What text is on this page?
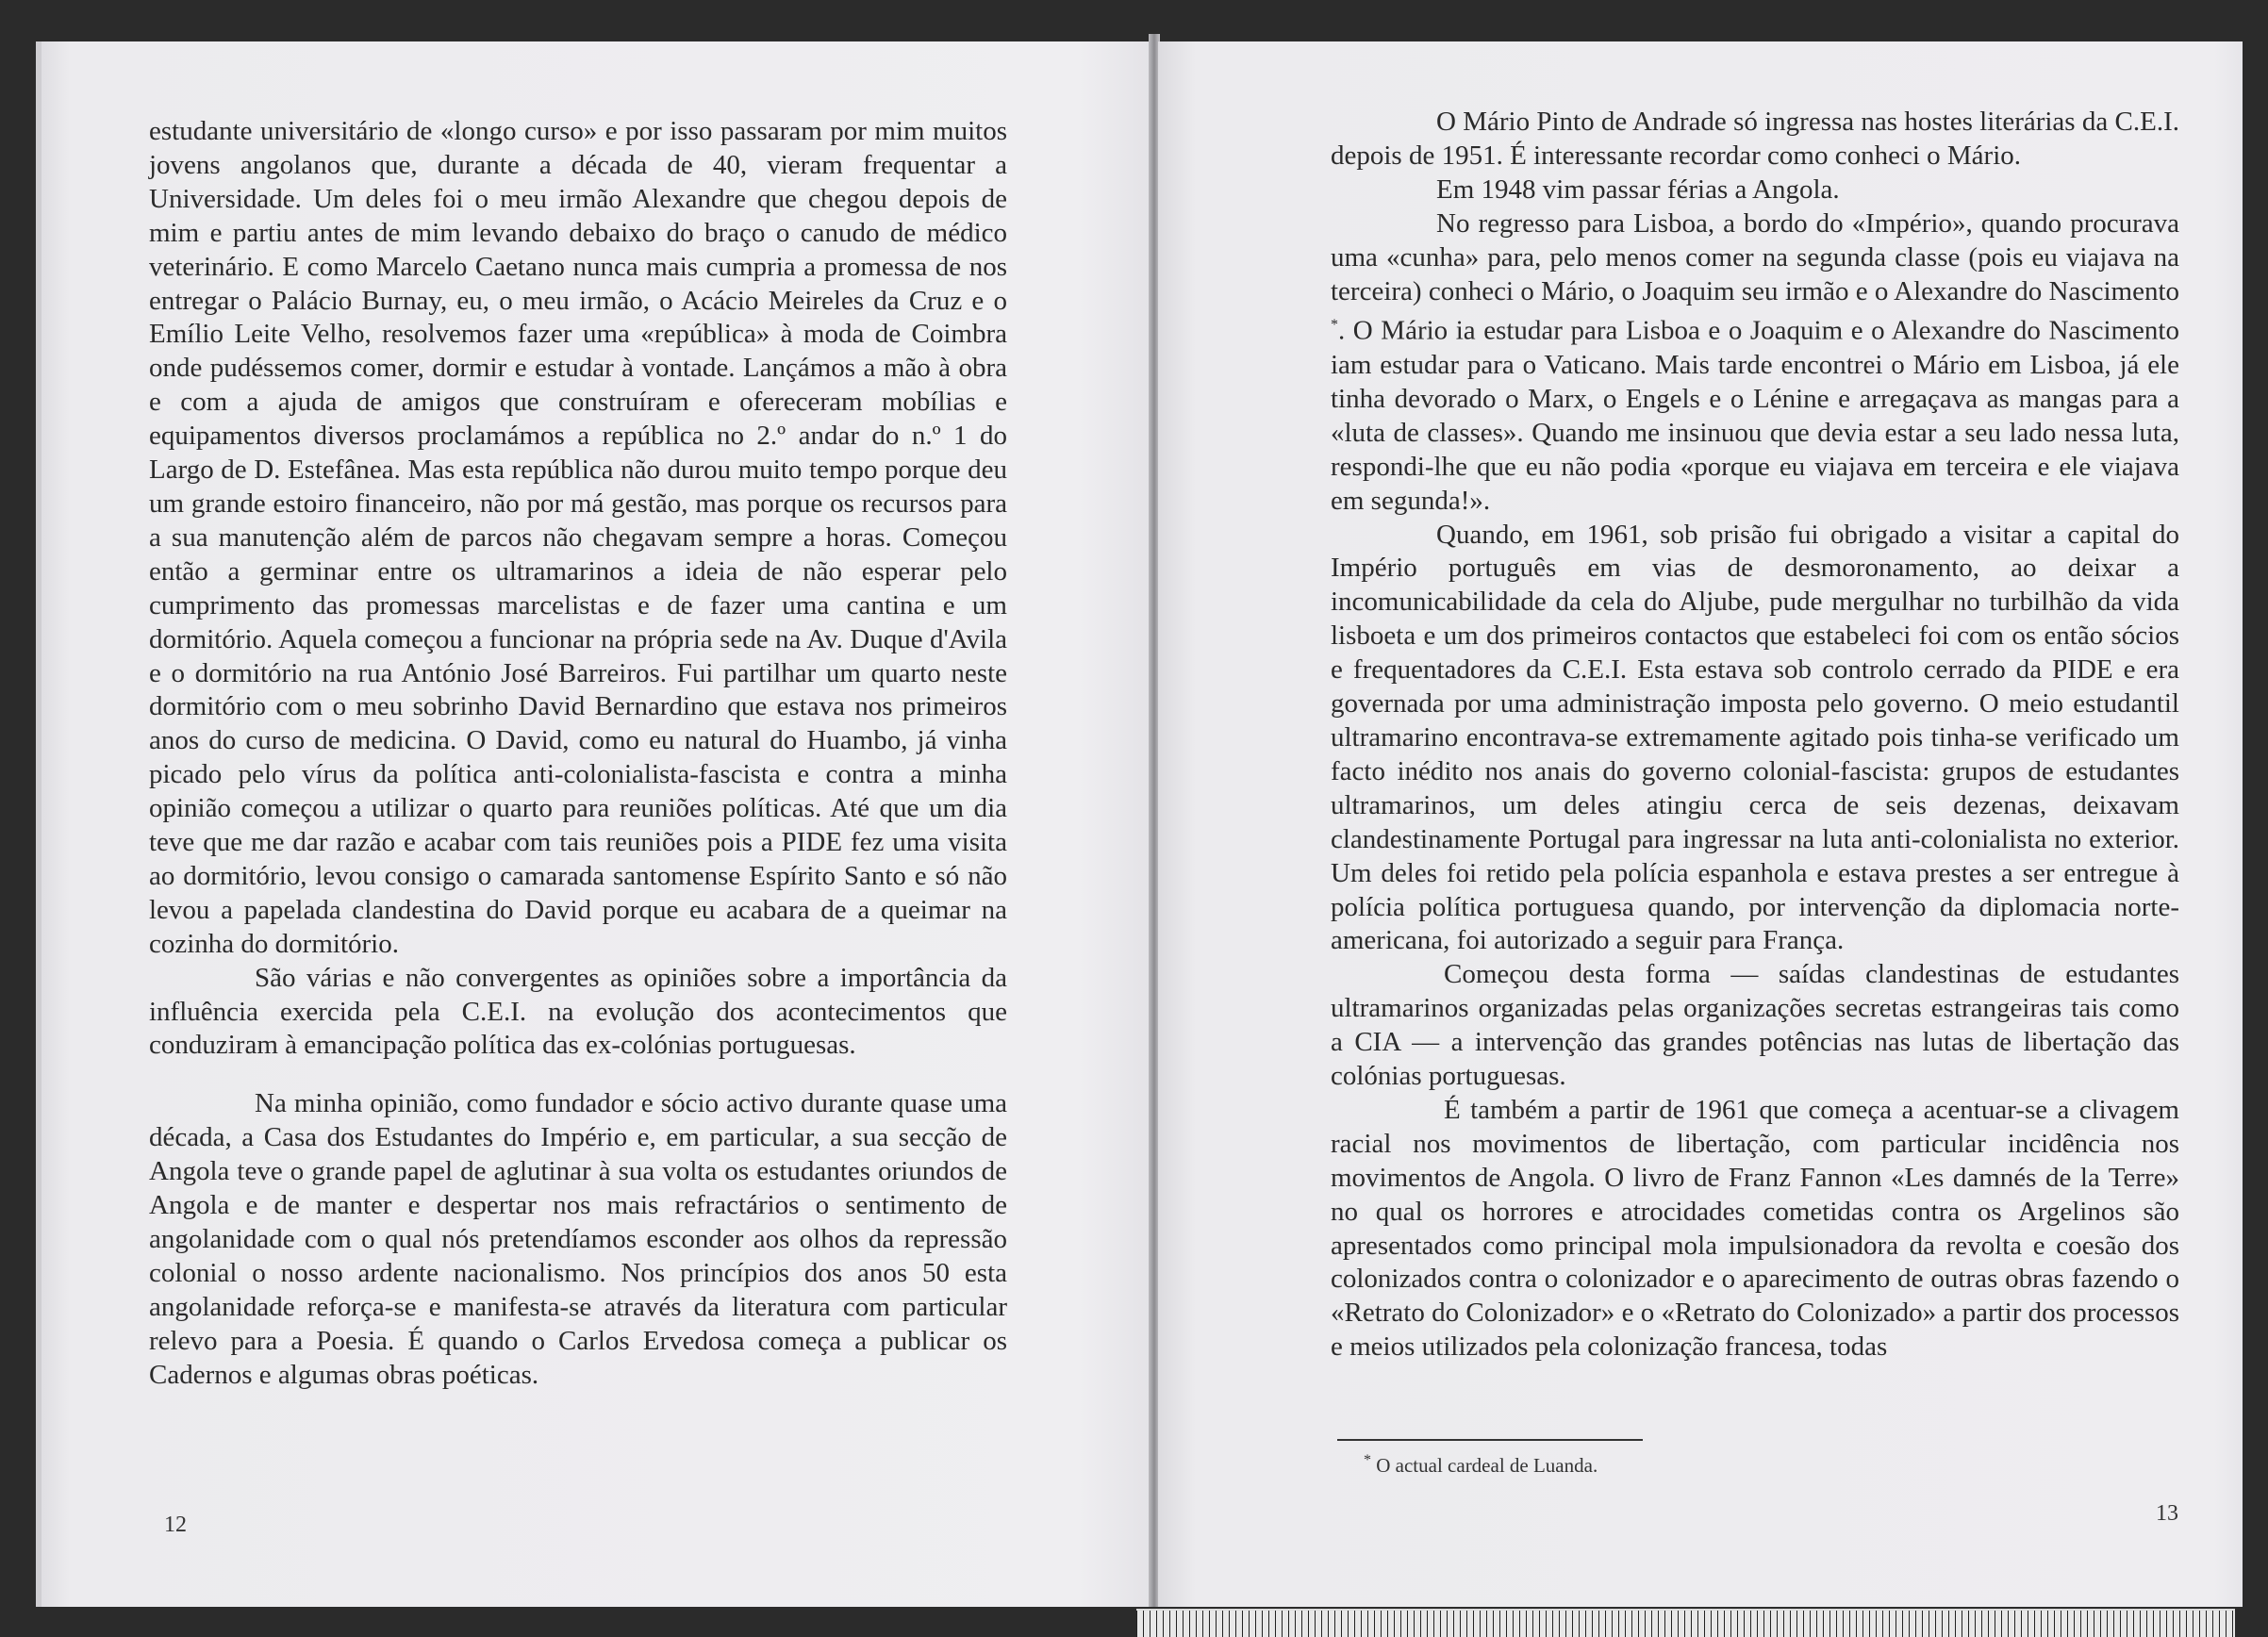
estudante universitário de «longo curso» e por isso passaram por mim muitos jovens angolanos que, durante a década de 40, vieram frequentar a Universidade. Um deles foi o meu irmão Alexandre que chegou depois de mim e partiu antes de mim levando debaixo do braço o canudo de médico veterinário. E como Marcelo Caetano nunca mais cumpria a promessa de nos entregar o Palácio Burnay, eu, o meu irmão, o Acácio Meireles da Cruz e o Emílio Leite Velho, resolvemos fazer uma «república» à moda de Coimbra onde pudéssemos comer, dormir e estudar à vontade. Lançámos a mão à obra e com a ajuda de amigos que construíram e ofereceram mobílias e equipamentos diversos proclamámos a república no 2.º andar do n.º 1 do Largo de D. Estefânea. Mas esta república não durou muito tempo porque deu um grande estoiro financeiro, não por má gestão, mas porque os recursos para a sua manutenção além de parcos não chegavam sempre a horas. Começou então a germinar entre os ultramarinos a ideia de não esperar pelo cumprimento das promessas marcelistas e de fazer uma cantina e um dormitório. Aquela começou a funcionar na própria sede na Av. Duque d'Avila e o dormitório na rua António José Barreiros. Fui partilhar um quarto neste dormitório com o meu sobrinho David Bernardino que estava nos primeiros anos do curso de medicina. O David, como eu natural do Huambo, já vinha picado pelo vírus da política anti-colonialista-fascista e contra a minha opinião começou a utilizar o quarto para reuniões políticas. Até que um dia teve que me dar razão e acabar com tais reuniões pois a PIDE fez uma visita ao dormitório, levou consigo o camarada santomense Espírito Santo e só não levou a papelada clandestina do David porque eu acabara de a queimar na cozinha do dormitório.

São várias e não convergentes as opiniões sobre a importância da influência exercida pela C.E.I. na evolução dos acontecimentos que conduziram à emancipação política das ex-colónias portuguesas.

Na minha opinião, como fundador e sócio activo durante quase uma década, a Casa dos Estudantes do Império e, em particular, a sua secção de Angola teve o grande papel de aglutinar à sua volta os estudantes oriundos de Angola e de manter e despertar nos mais refractários o sentimento de angolanidade com o qual nós pretendíamos esconder aos olhos da repressão colonial o nosso ardente nacionalismo. Nos princípios dos anos 50 esta angolanidade reforça-se e manifesta-se através da literatura com particular relevo para a Poesia. É quando o Carlos Ervedosa começa a publicar os Cadernos e algumas obras poéticas.

12

O Mário Pinto de Andrade só ingressa nas hostes literárias da C.E.I. depois de 1951. É interessante recordar como conheci o Mário.

Em 1948 vim passar férias a Angola.

No regresso para Lisboa, a bordo do «Império», quando procurava uma «cunha» para, pelo menos comer na segunda classe (pois eu viajava na terceira) conheci o Mário, o Joaquim seu irmão e o Alexandre do Nascimento *. O Mário ia estudar para Lisboa e o Joaquim e o Alexandre do Nascimento iam estudar para o Vaticano. Mais tarde encontrei o Mário em Lisboa, já ele tinha devorado o Marx, o Engels e o Lénine e arregaçava as mangas para a «luta de classes». Quando me insinuou que devia estar a seu lado nessa luta, respondi-lhe que eu não podia «porque eu viajava em terceira e ele viajava em segunda!».

Quando, em 1961, sob prisão fui obrigado a visitar a capital do Império português em vias de desmoronamento, ao deixar a incomunicabilidade da cela do Aljube, pude mergulhar no turbilhão da vida lisboeta e um dos primeiros contactos que estabeleci foi com os então sócios e frequentadores da C.E.I. Esta estava sob controlo cerrado da PIDE e era governada por uma administração imposta pelo governo. O meio estudantil ultramarino encontrava-se extremamente agitado pois tinha-se verificado um facto inédito nos anais do governo colonial-fascista: grupos de estudantes ultramarinos, um deles atingiu cerca de seis dezenas, deixavam clandestinamente Portugal para ingressar na luta anti-colonialista no exterior. Um deles foi retido pela polícia espanhola e estava prestes a ser entregue à polícia política portuguesa quando, por intervenção da diplomacia norte-americana, foi autorizado a seguir para França.

Começou desta forma — saídas clandestinas de estudantes ultramarinos organizadas pelas organizações secretas estrangeiras tais como a CIA — a intervenção das grandes potências nas lutas de libertação das colónias portuguesas.

É também a partir de 1961 que começa a acentuar-se a clivagem racial nos movimentos de libertação, com particular incidência nos movimentos de Angola. O livro de Franz Fannon «Les damnés de la Terre» no qual os horrores e atrocidades cometidas contra os Argelinos são apresentados como principal mola impulsionadora da revolta e coesão dos colonizados contra o colonizador e o aparecimento de outras obras fazendo o «Retrato do Colonizador» e o «Retrato do Colonizado» a partir dos processos e meios utilizados pela colonização francesa, todas

* O actual cardeal de Luanda.
13
